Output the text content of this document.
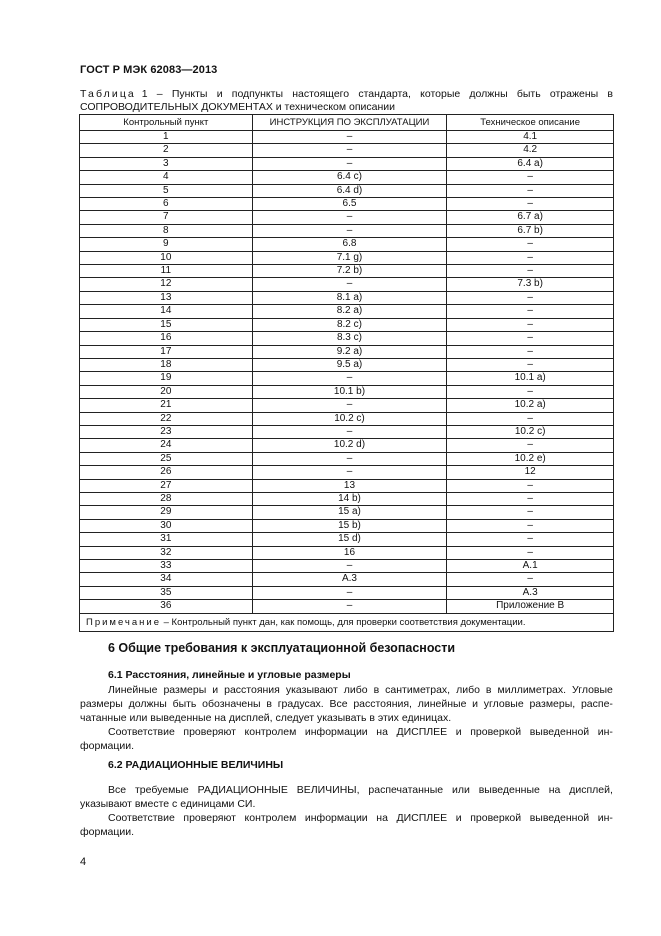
ГОСТ Р МЭК 62083—2013
Таблица 1 – Пункты и подпункты настоящего стандарта, которые должны быть отражены в
СОПРОВОДИТЕЛЬНЫХ ДОКУМЕНТАХ и техническом описании
Контрольный пункт	ИНСТРУКЦИЯ ПО ЭКСПЛУАТАЦИИ	Техническое описание
1	–	4.1
2	–	4.2
3	–	6.4 а)
4	6.4 с)	–
5	6.4 d)	–
6	6.5	–
7	–	6.7 а)
8	–	6.7 b)
9	6.8	–
10	7.1 g)	–
11	7.2 b)	–
12	–	7.3 b)
13	8.1 а)	–
14	8.2 а)	–
15	8.2 с)	–
16	8.3 с)	–
17	9.2 а)	–
18	9.5 а)	–
19	–	10.1 а)
20	10.1 b)	–
21	–	10.2 а)
22	10.2 с)	–
23	–	10.2 с)
24	10.2 d)	–
25	–	10.2 е)
26	–	12
27	13	–
28	14 b)	–
29	15 а)	–
30	15 b)	–
31	15 d)	–
32	16	–
33	–	А.1
34	А.3	–
35	–	А.3
36	–	Приложение В
Примечание – Контрольный пункт дан, как помощь, для проверки соответствия документации.		
6 Общие требования к эксплуатационной безопасности
6.1 Расстояния, линейные и угловые размеры
Линейные размеры и расстояния указывают либо в сантиметрах, либо в миллиметрах. Угловые
размеры должны быть обозначены в градусах. Все расстояния, линейные и угловые размеры, распе-
чатанные или выведенные на дисплей, следует указывать в этих единицах.
Соответствие проверяют контролем информации на ДИСПЛЕЕ и проверкой выведенной ин-
формации.
6.2 РАДИАЦИОННЫЕ ВЕЛИЧИНЫ
Все требуемые РАДИАЦИОННЫЕ ВЕЛИЧИНЫ, распечатанные или выведенные на дисплей,
указывают вместе с единицами СИ.
Соответствие проверяют контролем информации на ДИСПЛЕЕ и проверкой выведенной ин-
формации.
4
